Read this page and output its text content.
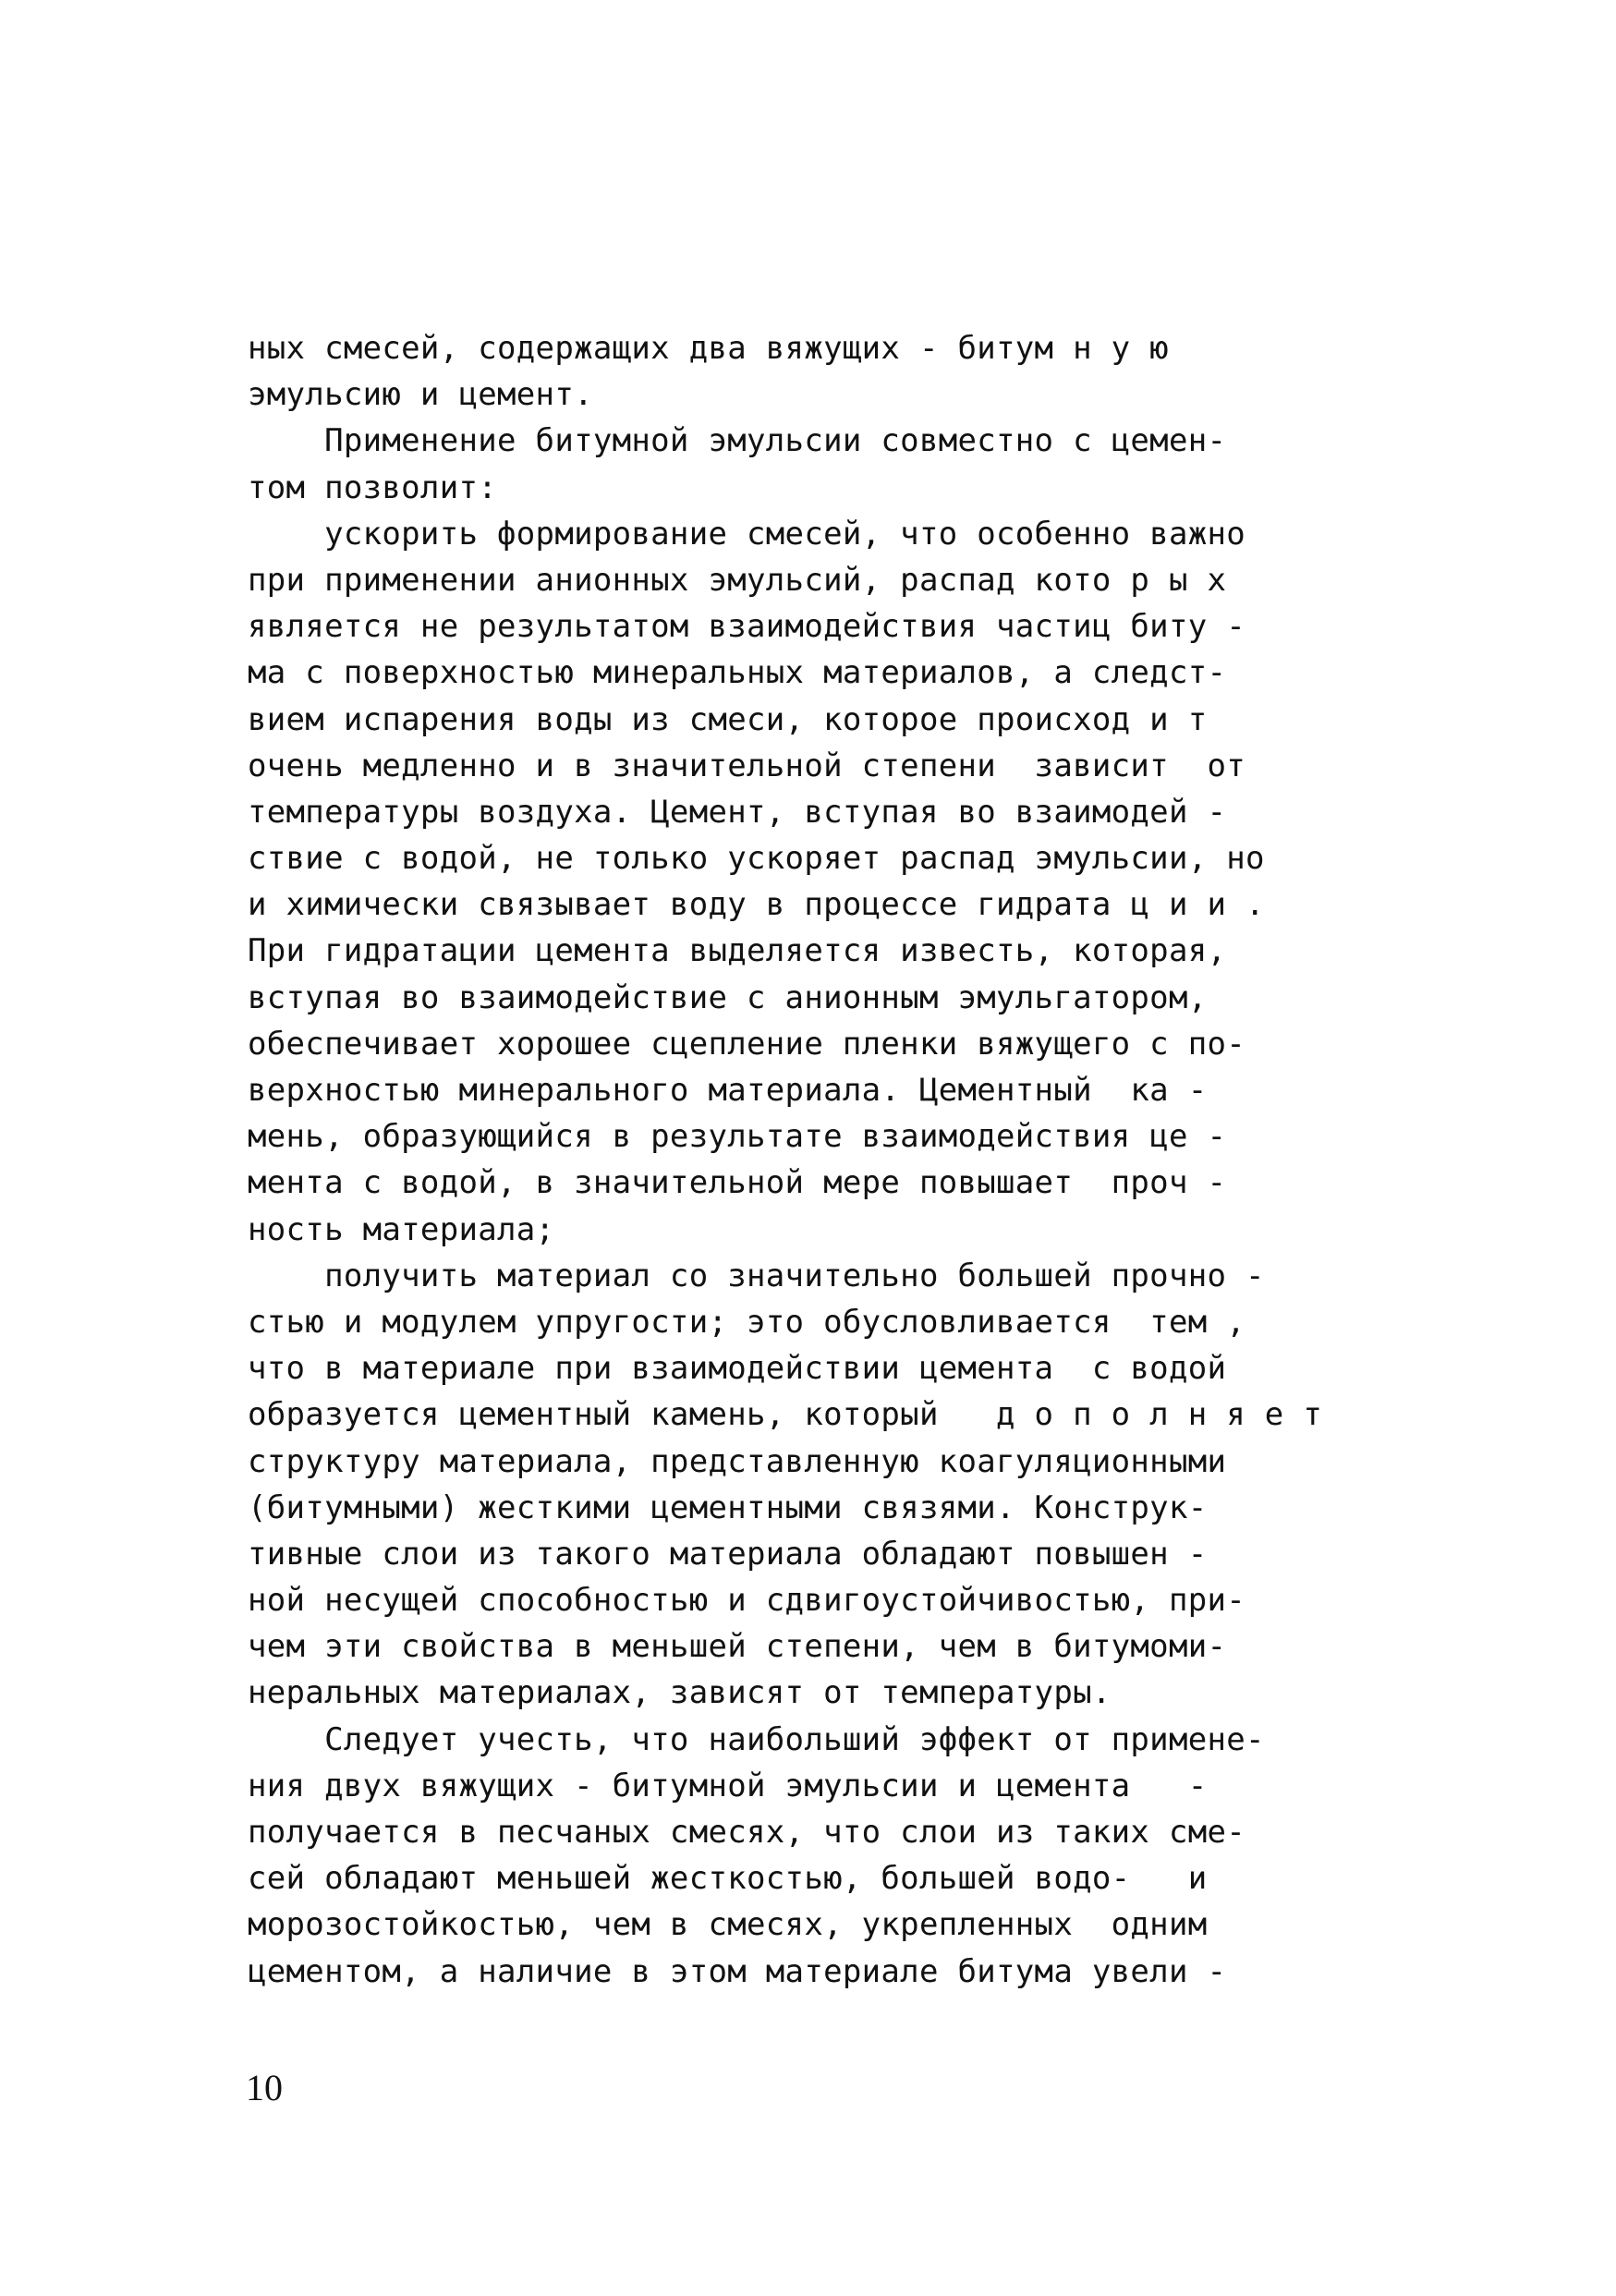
ных смесей, содержащих два вяжущих - битум н у ю
эмульсию и цемент.
Применение битумной эмульсии совместно с цемен-
том позволит:
ускорить формирование смесей, что особенно важно
при применении анионных эмульсий, распад кото р ы х
является не результатом взаимодействия частиц биту -
ма с поверхностью минеральных материалов, а следст-
вием испарения воды из смеси, которое происход и т
очень медленно и в значительной степени  зависит  от
температуры воздуха. Цемент, вступая во взаимодей -
ствие с водой, не только ускоряет распад эмульсии, но
и химически связывает воду в процессе гидрата ц и и .
При гидратации цемента выделяется известь, которая,
вступая во взаимодействие с анионным эмульгатором,
обеспечивает хорошее сцепление пленки вяжущего с по-
верхностью минерального материала. Цементный  ка -
мень, образующийся в результате взаимодействия це -
мента с водой, в значительной мере повышает  проч -
ность материала;
получить материал со значительно большей прочно -
стью и модулем упругости; это обусловливается  тем ,
что в материале при взаимодействии цемента  с водой
образуется цементный камень, который   д о п о л н я е т
структуру материала, представленную коагуляционными
(битумными) жесткими цементными связями. Конструк-
тивные слои из такого материала обладают повышен -
ной несущей способностью и сдвигоустойчивостью, при-
чем эти свойства в меньшей степени, чем в битумоми-
неральных материалах, зависят от температуры.
Следует учесть, что наибольший эффект от примене-
ния двух вяжущих - битумной эмульсии и цемента   -
получается в песчаных смесях, что слои из таких сме-
сей обладают меньшей жесткостью, большей водо-   и
морозостойкостью, чем в смесях, укрепленных  одним
цементом, а наличие в этом материале битума увели -
10
